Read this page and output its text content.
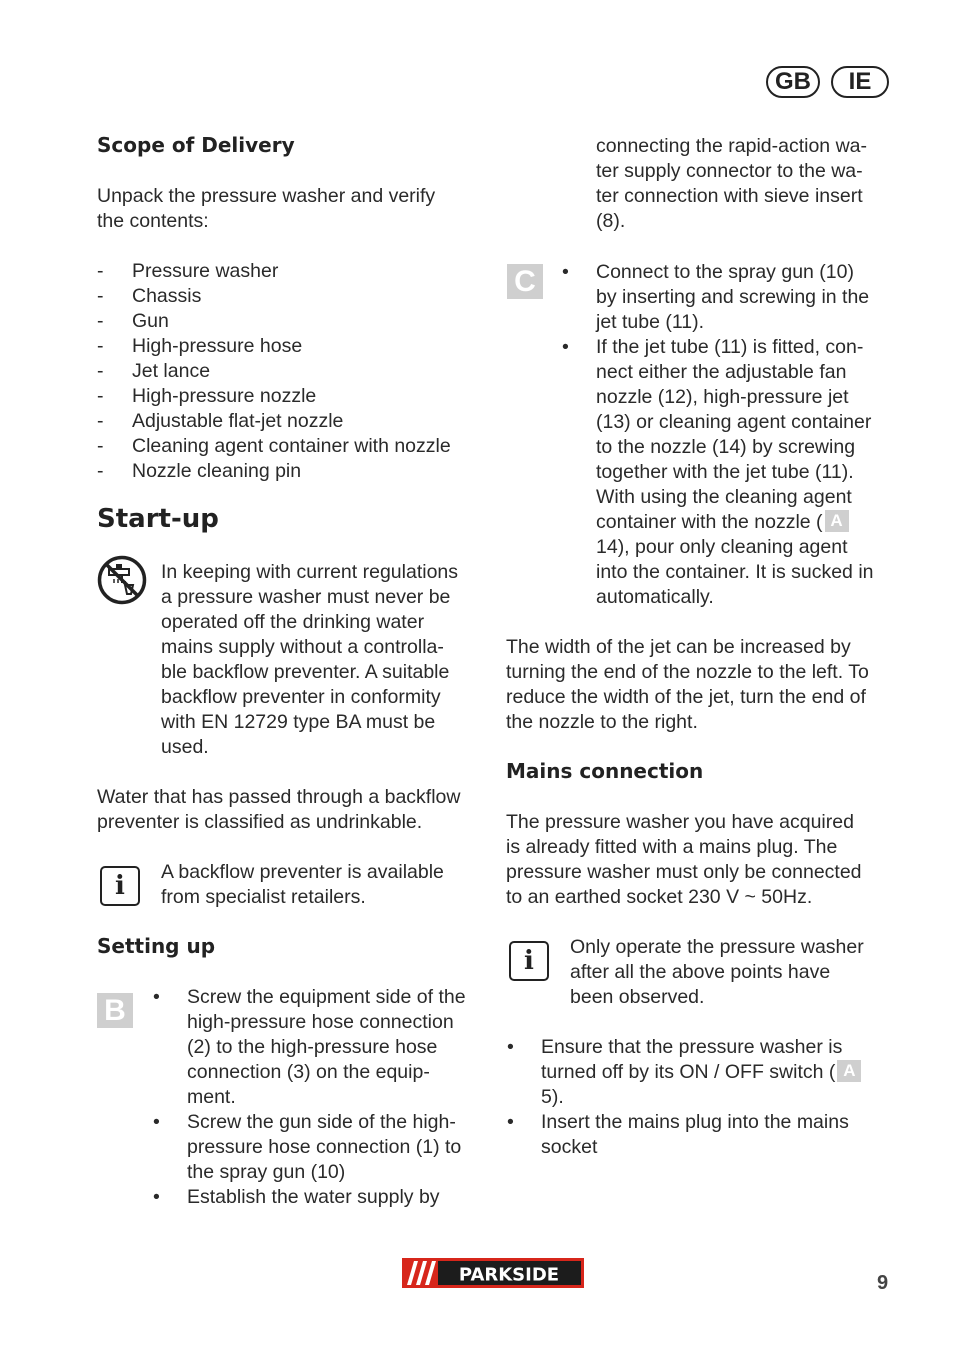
GB	IE
Scope of Delivery
Unpack the pressure washer and verify
the contents:
- Pressure washer
- Chassis
- Gun
- High-pressure hose
- Jet lance
- High-pressure nozzle
- Adjustable flat-jet nozzle
- Cleaning agent container with nozzle
- Nozzle cleaning pin
Start-up
In keeping with current regulations
a pressure washer must never be
operated off the drinking water
mains supply without a controlla-
ble backflow preventer. A suitable
backflow preventer in conformity
with EN 12729 type BA must be
used.
Water that has passed through a backflow
preventer is classified as undrinkable.
i	A backflow preventer is available
from specialist retailers.
Setting up
B	• Screw the equipment side of the
high-pressure hose connection
(2) to the high-pressure hose
connection (3) on the equip-
ment.
• Screw the gun side of the high-
pressure hose connection (1) to
the spray gun (10)
• Establish the water supply by
connecting the rapid-action wa-
ter supply connector to the wa-
ter connection with sieve insert
(8).
C	• Connect to the spray gun (10)
by inserting and screwing in the
jet tube (11).
• If the jet tube (11) is fitted, con-
nect either the adjustable fan
nozzle (12), high-pressure jet
(13) or cleaning agent container
to the nozzle (14) by screwing
together with the jet tube (11).
With using the cleaning agent
container with the nozzle ( A
14), pour only cleaning agent
into the container. It is sucked in
automatically.
The width of the jet can be increased by
turning the end of the nozzle to the left. To
reduce the width of the jet, turn the end of
the nozzle to the right.
Mains connection
The pressure washer you have acquired
is already fitted with a mains plug. The
pressure washer must only be connected
to an earthed socket 230 V ~ 50Hz.
i	Only operate the pressure washer
after all the above points have
been observed.
• Ensure that the pressure washer is
turned off by its ON / OFF switch ( A
5).
• Insert the mains plug into the mains
socket
PARKSIDE	9
